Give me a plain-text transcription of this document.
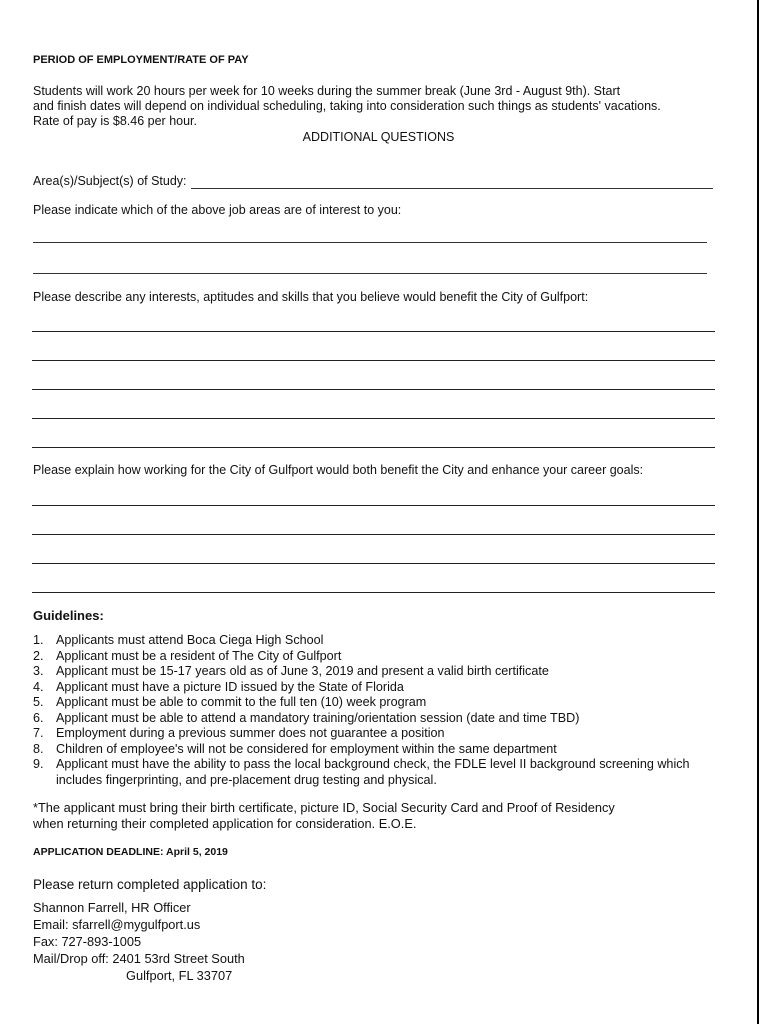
PERIOD OF EMPLOYMENT/RATE OF PAY
Students will work 20 hours per week for 10 weeks during the summer break (June 3rd - August 9th). Start
and finish dates will depend on individual scheduling, taking into consideration such things as students' vacations.
Rate of pay is $8.46 per hour.
ADDITIONAL QUESTIONS
Area(s)/Subject(s) of Study:
Please indicate which of the above job areas are of interest to you:
Please describe any interests, aptitudes and skills that you believe would benefit the City of Gulfport:
Please explain how working for the City of Gulfport would both benefit the City and enhance your career goals:
Guidelines:
1. Applicants must attend Boca Ciega High School
2. Applicant must be a resident of The City of Gulfport
3. Applicant must be 15-17 years old as of June 3, 2019 and present a valid birth certificate
4. Applicant must have a picture ID issued by the State of Florida
5. Applicant must be able to commit to the full ten (10) week program
6. Applicant must be able to attend a mandatory training/orientation session (date and time TBD)
7. Employment during a previous summer does not guarantee a position
8. Children of employee's will not be considered for employment within the same department
9. Applicant must have the ability to pass the local background check, the FDLE level II background screening which includes fingerprinting, and pre-placement drug testing and physical.
*The applicant must bring their birth certificate, picture ID, Social Security Card and Proof of Residency
when returning their completed application for consideration. E.O.E.
APPLICATION DEADLINE: April 5, 2019
Please return completed application to:
Shannon Farrell, HR Officer
Email: sfarrell@mygulfport.us
Fax: 727-893-1005
Mail/Drop off: 2401 53rd Street South
Gulfport, FL 33707
